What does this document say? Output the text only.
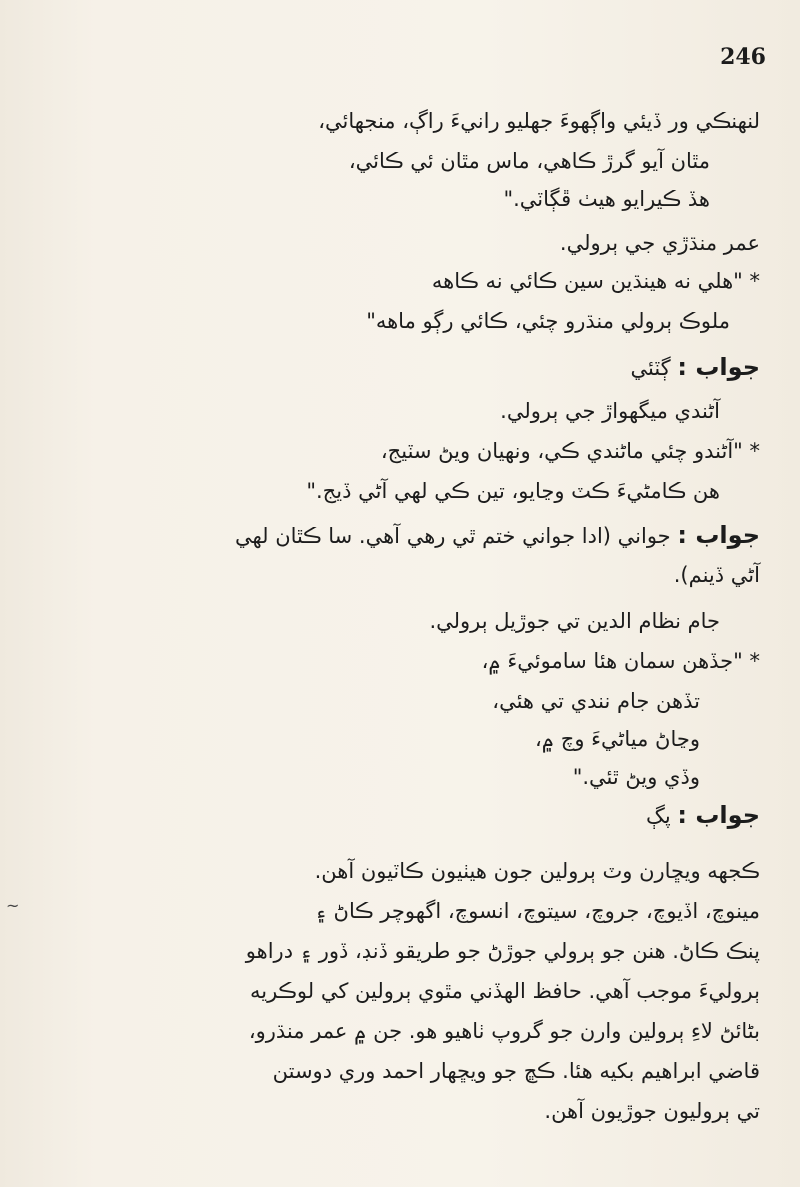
246
لنهنڪي ور ڏيئي واڳهوءَ جهليو رانيءَ راڳ، منجهائي،
مٿان آيو گرڙ ڪاهي، ماس مٿان ئي ڪائي،
هڏ ڪيرايو هيٺ ڦڳاٽي."
عمر منڌڙي جي ٻرولي.
* "هلي نه هينڌين سين ڪائي نه ڪاهه
ملوڪ ٻرولي منڌرو چئي، ڪائي رڳو ماهه"
جواب : ڳٽئي
آڻندي ميگهواڙ جي ٻرولي.
* "آڻندو چئي ماڻندي ڪي، ونهيان ويڻ سٽيج،
هن ڪامڻيءَ ڪٽ وڃايو، تين ڪي لهي آڻي ڏيج."
جواب : جواني (ادا جواني ختم ٿي رهي آهي. سا ڪٿان لهي
آڻي ڏينم).
جام نظام الدين تي جوڙيل ٻرولي.
* "جڏهن سمان هئا ساموئيءَ ۾،
تڏهن جام نندي تي هئي،
وڃاڻ مياڻيءَ وچ ۾،
وڏي ويڻ ٿئي."
جواب : پڳ
ڪجهه ويڇارن وٽ ٻرولين جون هيٺيون ڪاٽيون آهن.
مينوچ، اڏيوچ، جروچ، سيتوچ، انسوچ، اگهوچر ڪاڻ ۽
پنڪ ڪاڻ. هنن جو ٻرولي جوڙڻ جو طريقو ڏنڊ، ڏور ۽ دراهو
ٻروليءَ موجب آهي. حافظ الهڏني مٿوي ٻرولين کي لوڪريه
بڻائڻ لاءِ ٻرولين وارن جو گروپ ٺاهيو هو. جن ۾ عمر منڌرو،
قاضي ابراهيم بکيه هئا. ڪڇ جو ويڇهار احمد وري دوستن
تي ٻروليون جوڙيون آهن.
~
